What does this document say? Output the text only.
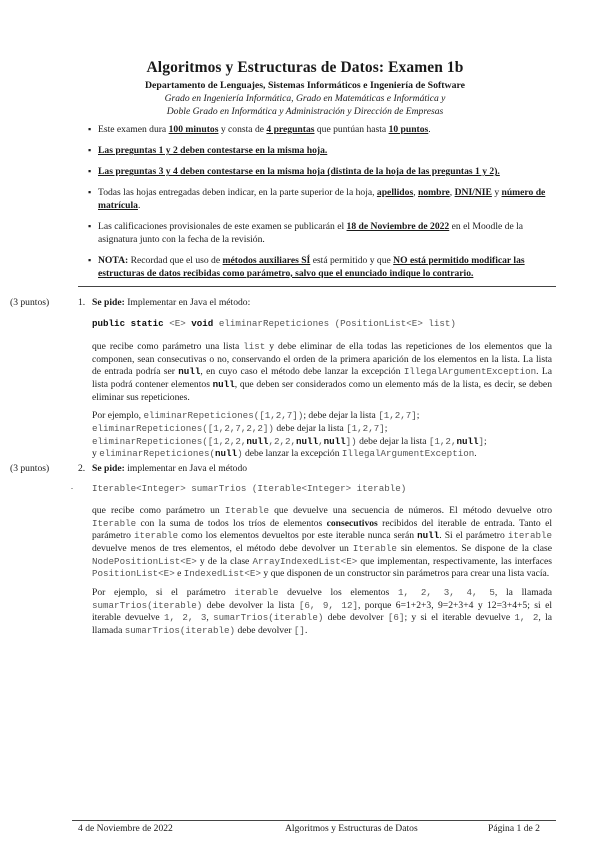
Algoritmos y Estructuras de Datos: Examen 1b
Departamento de Lenguajes, Sistemas Informáticos e Ingeniería de Software
Grado en Ingeniería Informática, Grado en Matemáticas e Informática y
Doble Grado en Informática y Administración y Dirección de Empresas
▪ Este examen dura 100 minutos y consta de 4 preguntas que puntúan hasta 10 puntos.
▪ Las preguntas 1 y 2 deben contestarse en la misma hoja.
▪ Las preguntas 3 y 4 deben contestarse en la misma hoja (distinta de la hoja de las preguntas 1 y 2).
▪ Todas las hojas entregadas deben indicar, en la parte superior de la hoja, apellidos, nombre, DNI/NIE y número de matrícula.
▪ Las calificaciones provisionales de este examen se publicarán el 18 de Noviembre de 2022 en el Moodle de la asignatura junto con la fecha de la revisión.
▪ NOTA: Recordad que el uso de métodos auxiliares SÍ está permitido y que NO está permitido modificar las estructuras de datos recibidas como parámetro, salvo que el enunciado indique lo contrario.
(3 puntos)	1. Se pide: Implementar en Java el método:
public static <E> void eliminarRepeticiones (PositionList<E> list)

que recibe como parámetro una lista list y debe eliminar de ella todas las repeticiones de los elementos que la componen, sean consecutivas o no, conservando el orden de la primera aparición de los elementos en la lista. La lista de entrada podría ser null, en cuyo caso el método debe lanzar la excepción IllegalArgumentException. La lista podrá contener elementos null, que deben ser considerados como un elemento más de la lista, es decir, se deben eliminar sus repeticiones.

Por ejemplo, eliminarRepeticiones([1,2,7]); debe dejar la lista [1,2,7];
eliminarRepeticiones([1,2,7,2,2]) debe dejar la lista [1,2,7];
eliminarRepeticiones([1,2,2,null,2,2,null,null]) debe dejar la lista [1,2,null];
y eliminarRepeticiones(null) debe lanzar la excepción IllegalArgumentException.

(3 puntos)	2. Se pide: implementar en Java el método
. Iterable<Integer> sumarTrios (Iterable<Integer> iterable)

que recibe como parámetro un Iterable que devuelve una secuencia de números. El método devuelve otro Iterable con la suma de todos los tríos de elementos consecutivos recibidos del iterable de entrada. Tanto el parámetro iterable como los elementos devueltos por este iterable nunca serán null. Si el parámetro iterable devuelve menos de tres elementos, el método debe devolver un Iterable sin elementos. Se dispone de la clase NodePositionList<E> y de la clase ArrayIndexedList<E> que implementan, respectivamente, las interfaces PositionList<E> e IndexedList<E> y que disponen de un constructor sin parámetros para crear una lista vacía.

Por ejemplo, si el parámetro iterable devuelve los elementos 1, 2, 3, 4, 5, la llamada sumarTrios(iterable) debe devolver la lista [6, 9, 12], porque 6=1+2+3, 9=2+3+4 y 12=3+4+5; si el iterable devuelve 1, 2, 3, sumarTrios(iterable) debe devolver [6]; y si el iterable devuelve 1, 2, la llamada sumarTrios(iterable) debe devolver [].

4 de Noviembre de 2022	Algoritmos y Estructuras de Datos	Página 1 de 2
